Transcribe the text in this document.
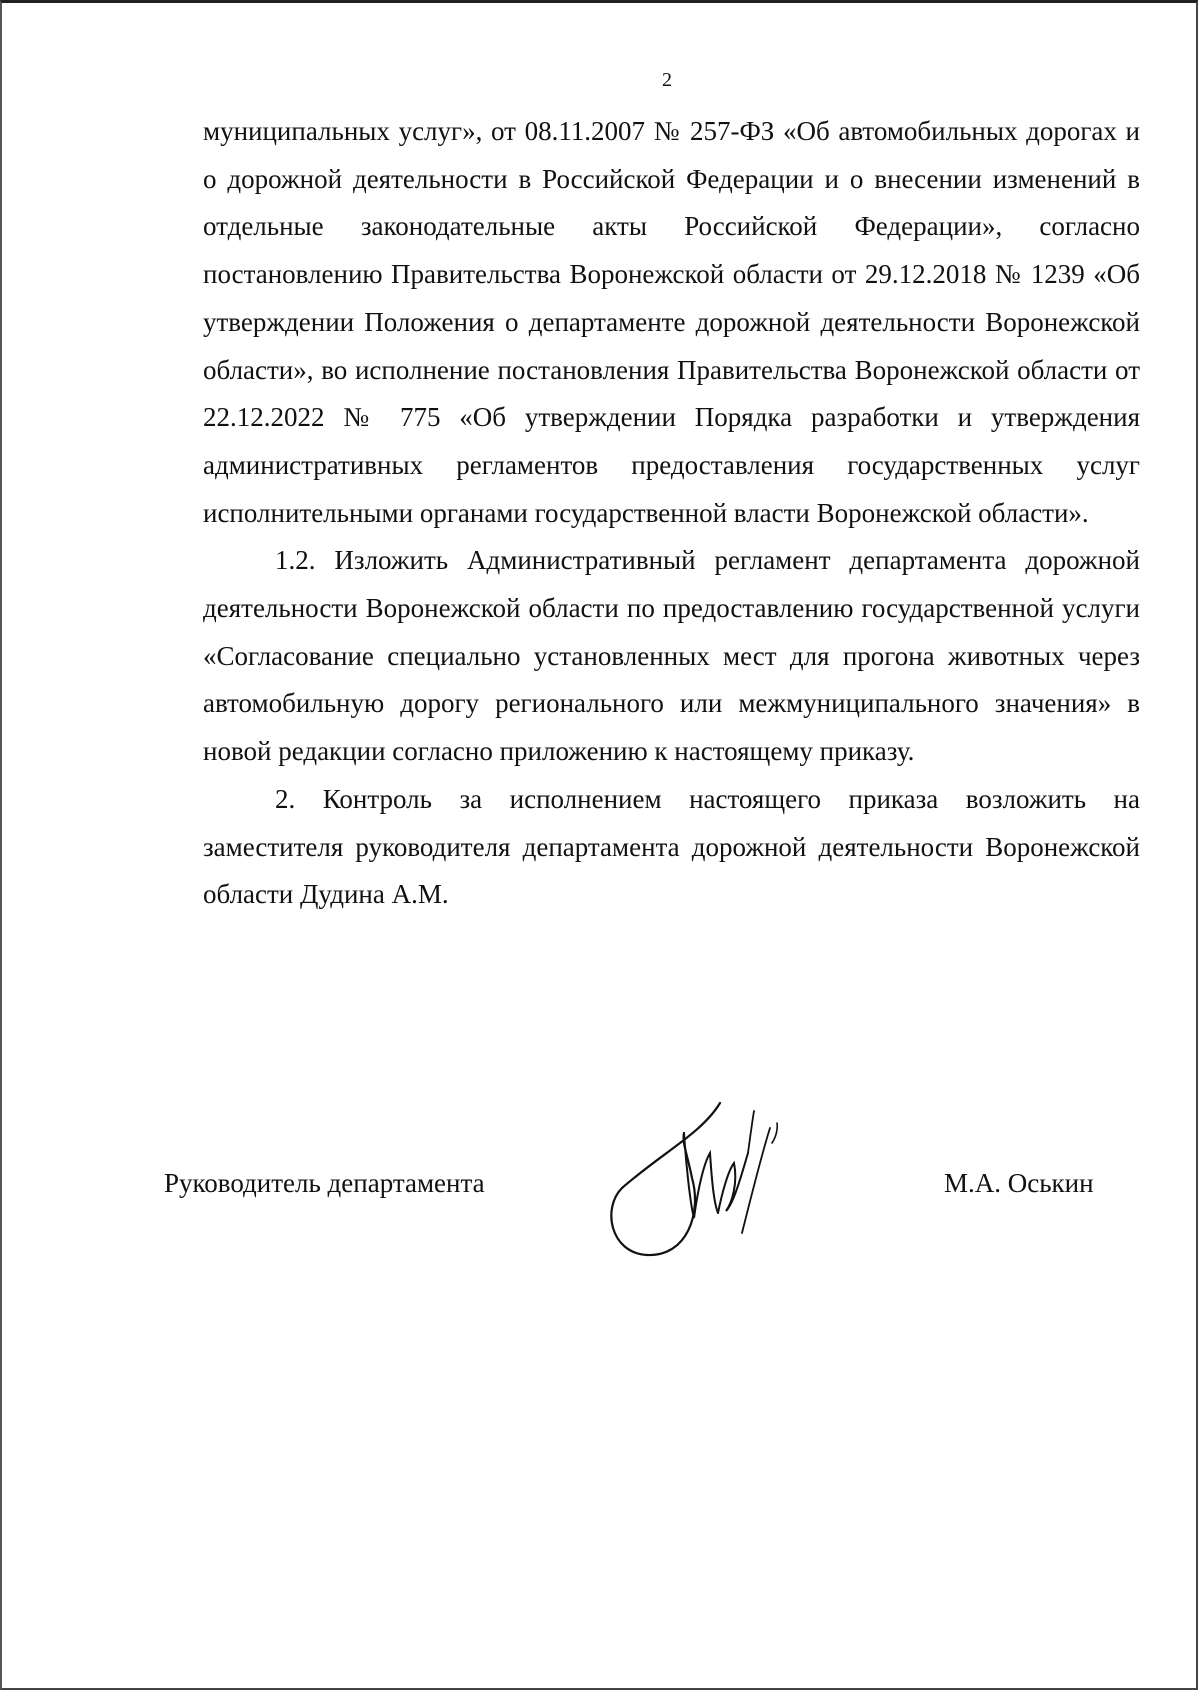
2

муниципальных услуг», от 08.11.2007 № 257-ФЗ «Об автомобильных дорогах и о дорожной деятельности в Российской Федерации и о внесении изменений в отдельные законодательные акты Российской Федерации», согласно постановлению Правительства Воронежской области от 29.12.2018 № 1239 «Об утверждении Положения о департаменте дорожной деятельности Воронежской области», во исполнение постановления Правительства Воронежской области от 22.12.2022 № 775 «Об утверждении Порядка разработки и утверждения административных регламентов предоставления государственных услуг исполнительными органами государственной власти Воронежской области».

1.2. Изложить Административный регламент департамента дорожной деятельности Воронежской области по предоставлению государственной услуги «Согласование специально установленных мест для прогона животных через автомобильную дорогу регионального или межмуниципального значения» в новой редакции согласно приложению к настоящему приказу.

2. Контроль за исполнением настоящего приказа возложить на заместителя руководителя департамента дорожной деятельности Воронежской области Дудина А.М.

Руководитель департамента	М.А. Оськин
